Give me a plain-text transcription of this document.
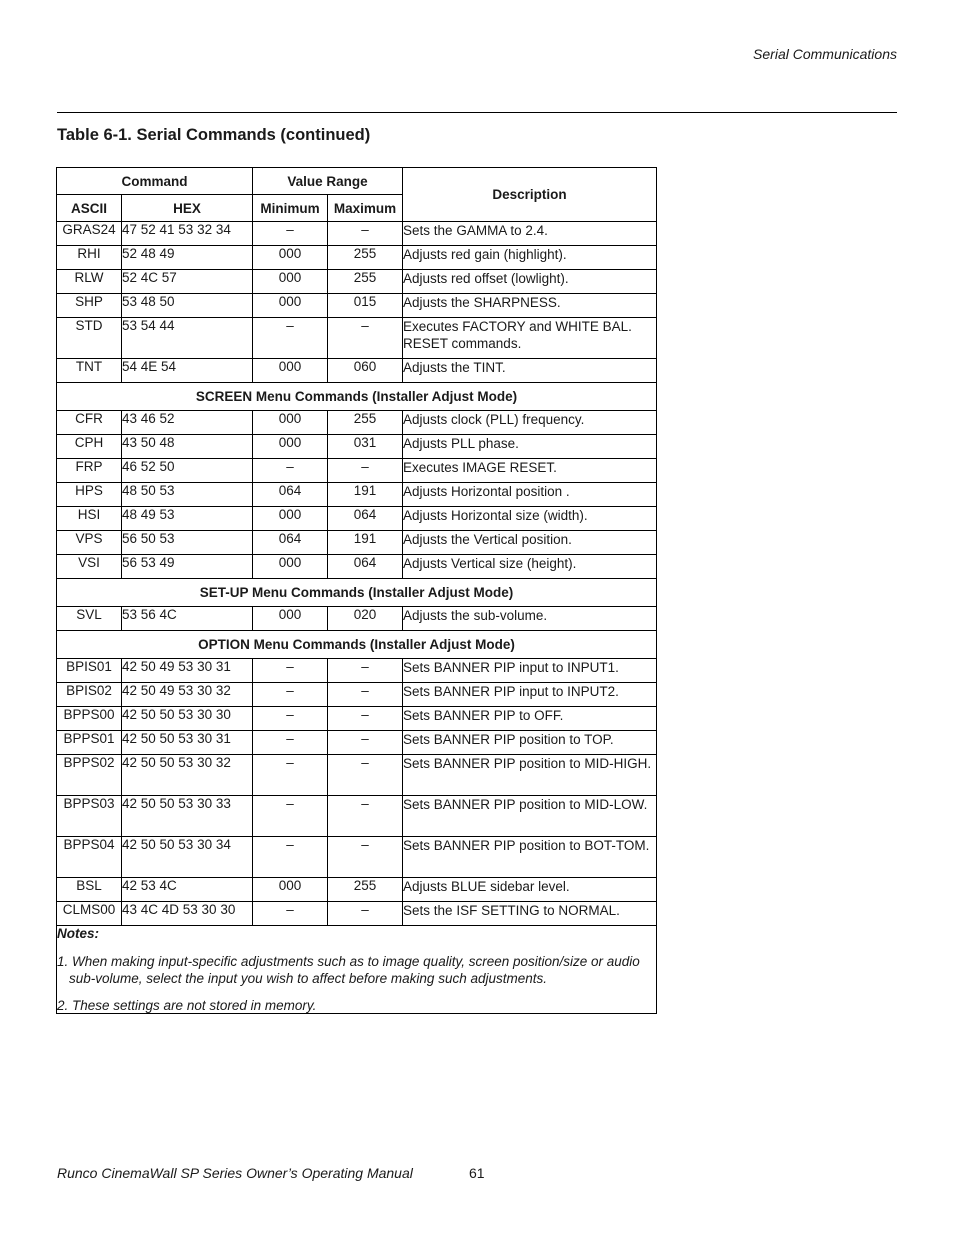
Serial Communications
Table 6-1. Serial Commands (continued)
Command		Value Range		Description
ASCII	HEX	Minimum	Maximum	
GRAS24	47 52 41 53 32 34	–	–	Sets the GAMMA to 2.4.
RHI	52 48 49	000	255	Adjusts red gain (highlight).
RLW	52 4C 57	000	255	Adjusts red offset (lowlight).
SHP	53 48 50	000	015	Adjusts the SHARPNESS.
STD	53 54 44	–	–	Executes FACTORY and WHITE BAL. RESET commands.
TNT	54 4E 54	000	060	Adjusts the TINT.
SCREEN Menu Commands (Installer Adjust Mode)				
CFR	43 46 52	000	255	Adjusts clock (PLL) frequency.
CPH	43 50 48	000	031	Adjusts PLL phase.
FRP	46 52 50	–	–	Executes IMAGE RESET.
HPS	48 50 53	064	191	Adjusts Horizontal position .
HSI	48 49 53	000	064	Adjusts Horizontal size (width).
VPS	56 50 53	064	191	Adjusts the Vertical position.
VSI	56 53 49	000	064	Adjusts Vertical size (height).
SET-UP Menu Commands (Installer Adjust Mode)				
SVL	53 56 4C	000	020	Adjusts the sub-volume.
OPTION Menu Commands (Installer Adjust Mode)				
BPIS01	42 50 49 53 30 31	–	–	Sets BANNER PIP input to INPUT1.
BPIS02	42 50 49 53 30 32	–	–	Sets BANNER PIP input to INPUT2.
BPPS00	42 50 50 53 30 30	–	–	Sets BANNER PIP to OFF.
BPPS01	42 50 50 53 30 31	–	–	Sets BANNER PIP position to TOP.
BPPS02	42 50 50 53 30 32	–	–	Sets BANNER PIP position to MID-HIGH.
BPPS03	42 50 50 53 30 33	–	–	Sets BANNER PIP position to MID-LOW.
BPPS04	42 50 50 53 30 34	–	–	Sets BANNER PIP position to BOT-TOM.
BSL	42 53 4C	000	255	Adjusts BLUE sidebar level.
CLMS00	43 4C 4D 53 30 30	–	–	Sets the ISF SETTING to NORMAL.

Notes:
1. When making input-specific adjustments such as to image quality, screen position/size or audio sub-volume, select the input you wish to affect before making such adjustments.
2. These settings are not stored in memory.				
Runco CinemaWall SP Series Owner’s Operating Manual	61
